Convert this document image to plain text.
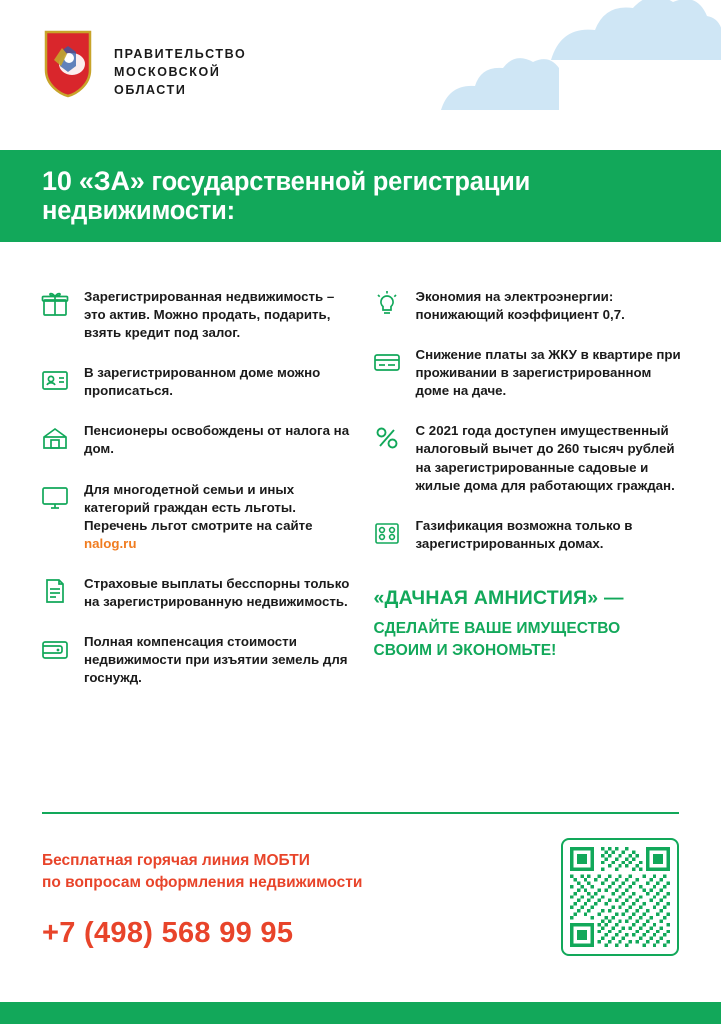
ПРАВИТЕЛЬСТВО
МОСКОВСКОЙ
ОБЛАСТИ
10 «ЗА» государственной регистрации недвижимости:
Зарегистрированная недвижимость – это актив. Можно продать, подарить, взять кредит под залог.
В зарегистрированном доме можно прописаться.
Пенсионеры освобождены от налога на дом.
Для многодетной семьи и иных категорий граждан есть льготы. Перечень льгот смотрите на сайте nalog.ru
Страховые выплаты бесспорны только на зарегистрированную недвижимость.
Полная компенсация стоимости недвижимости при изъятии земель для госнужд.
Экономия на электроэнергии: понижающий коэффициент 0,7.
Снижение платы за ЖКУ в квартире при проживании в зарегистрированном доме на даче.
С 2021 года доступен имущественный налоговый вычет до 260 тысяч рублей на зарегистрированные садовые и жилые дома для работающих граждан.
Газификация возможна только в зарегистрированных домах.
«ДАЧНАЯ АМНИСТИЯ» —
СДЕЛАЙТЕ ВАШЕ ИМУЩЕСТВО СВОИМ И ЭКОНОМЬТЕ!
Бесплатная горячая линия МОБТИ
по вопросам оформления недвижимости
+7 (498) 568 99 95
